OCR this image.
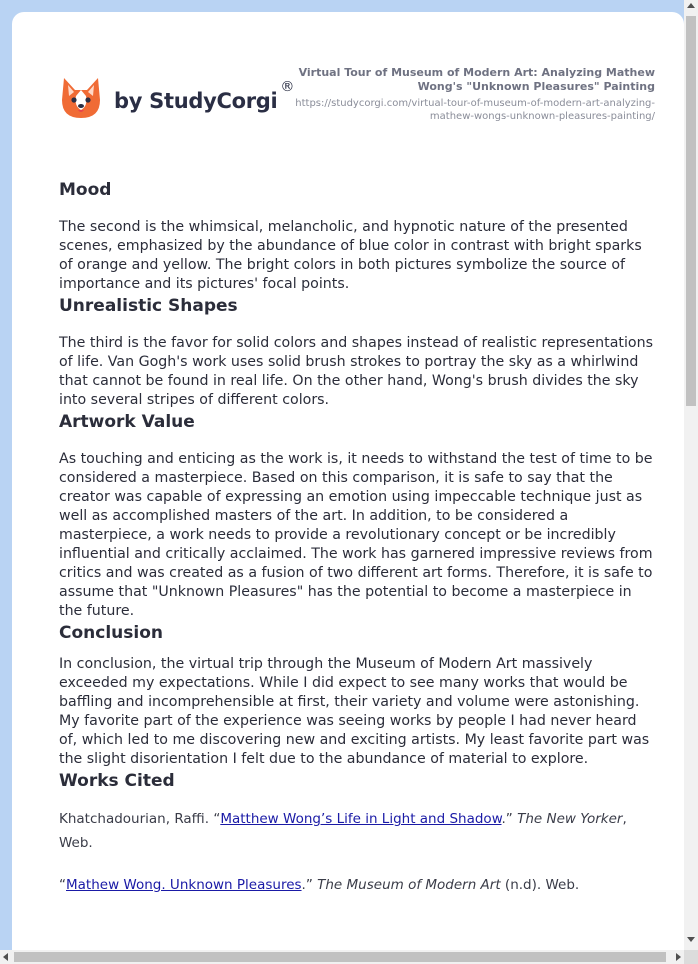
by StudyCorgi®
Virtual Tour of Museum of Modern Art: Analyzing Mathew Wong's "Unknown Pleasures" Painting
https://studycorgi.com/virtual-tour-of-museum-of-modern-art-analyzing-mathew-wongs-unknown-pleasures-painting/
Mood

The second is the whimsical, melancholic, and hypnotic nature of the presented scenes, emphasized by the abundance of blue color in contrast with bright sparks of orange and yellow. The bright colors in both pictures symbolize the source of importance and its pictures' focal points.

Unrealistic Shapes

The third is the favor for solid colors and shapes instead of realistic representations of life. Van Gogh's work uses solid brush strokes to portray the sky as a whirlwind that cannot be found in real life. On the other hand, Wong's brush divides the sky into several stripes of different colors.

Artwork Value

As touching and enticing as the work is, it needs to withstand the test of time to be considered a masterpiece. Based on this comparison, it is safe to say that the creator was capable of expressing an emotion using impeccable technique just as well as accomplished masters of the art. In addition, to be considered a masterpiece, a work needs to provide a revolutionary concept or be incredibly influential and critically acclaimed. The work has garnered impressive reviews from critics and was created as a fusion of two different art forms. Therefore, it is safe to assume that "Unknown Pleasures" has the potential to become a masterpiece in the future.

Conclusion

In conclusion, the virtual trip through the Museum of Modern Art massively exceeded my expectations. While I did expect to see many works that would be baffling and incomprehensible at first, their variety and volume were astonishing. My favorite part of the experience was seeing works by people I had never heard of, which led to me discovering new and exciting artists. My least favorite part was the slight disorientation I felt due to the abundance of material to explore.

Works Cited

Khatchadourian, Raffi. “Matthew Wong’s Life in Light and Shadow.” The New Yorker, Web.

“Mathew Wong. Unknown Pleasures.” The Museum of Modern Art (n.d). Web.
